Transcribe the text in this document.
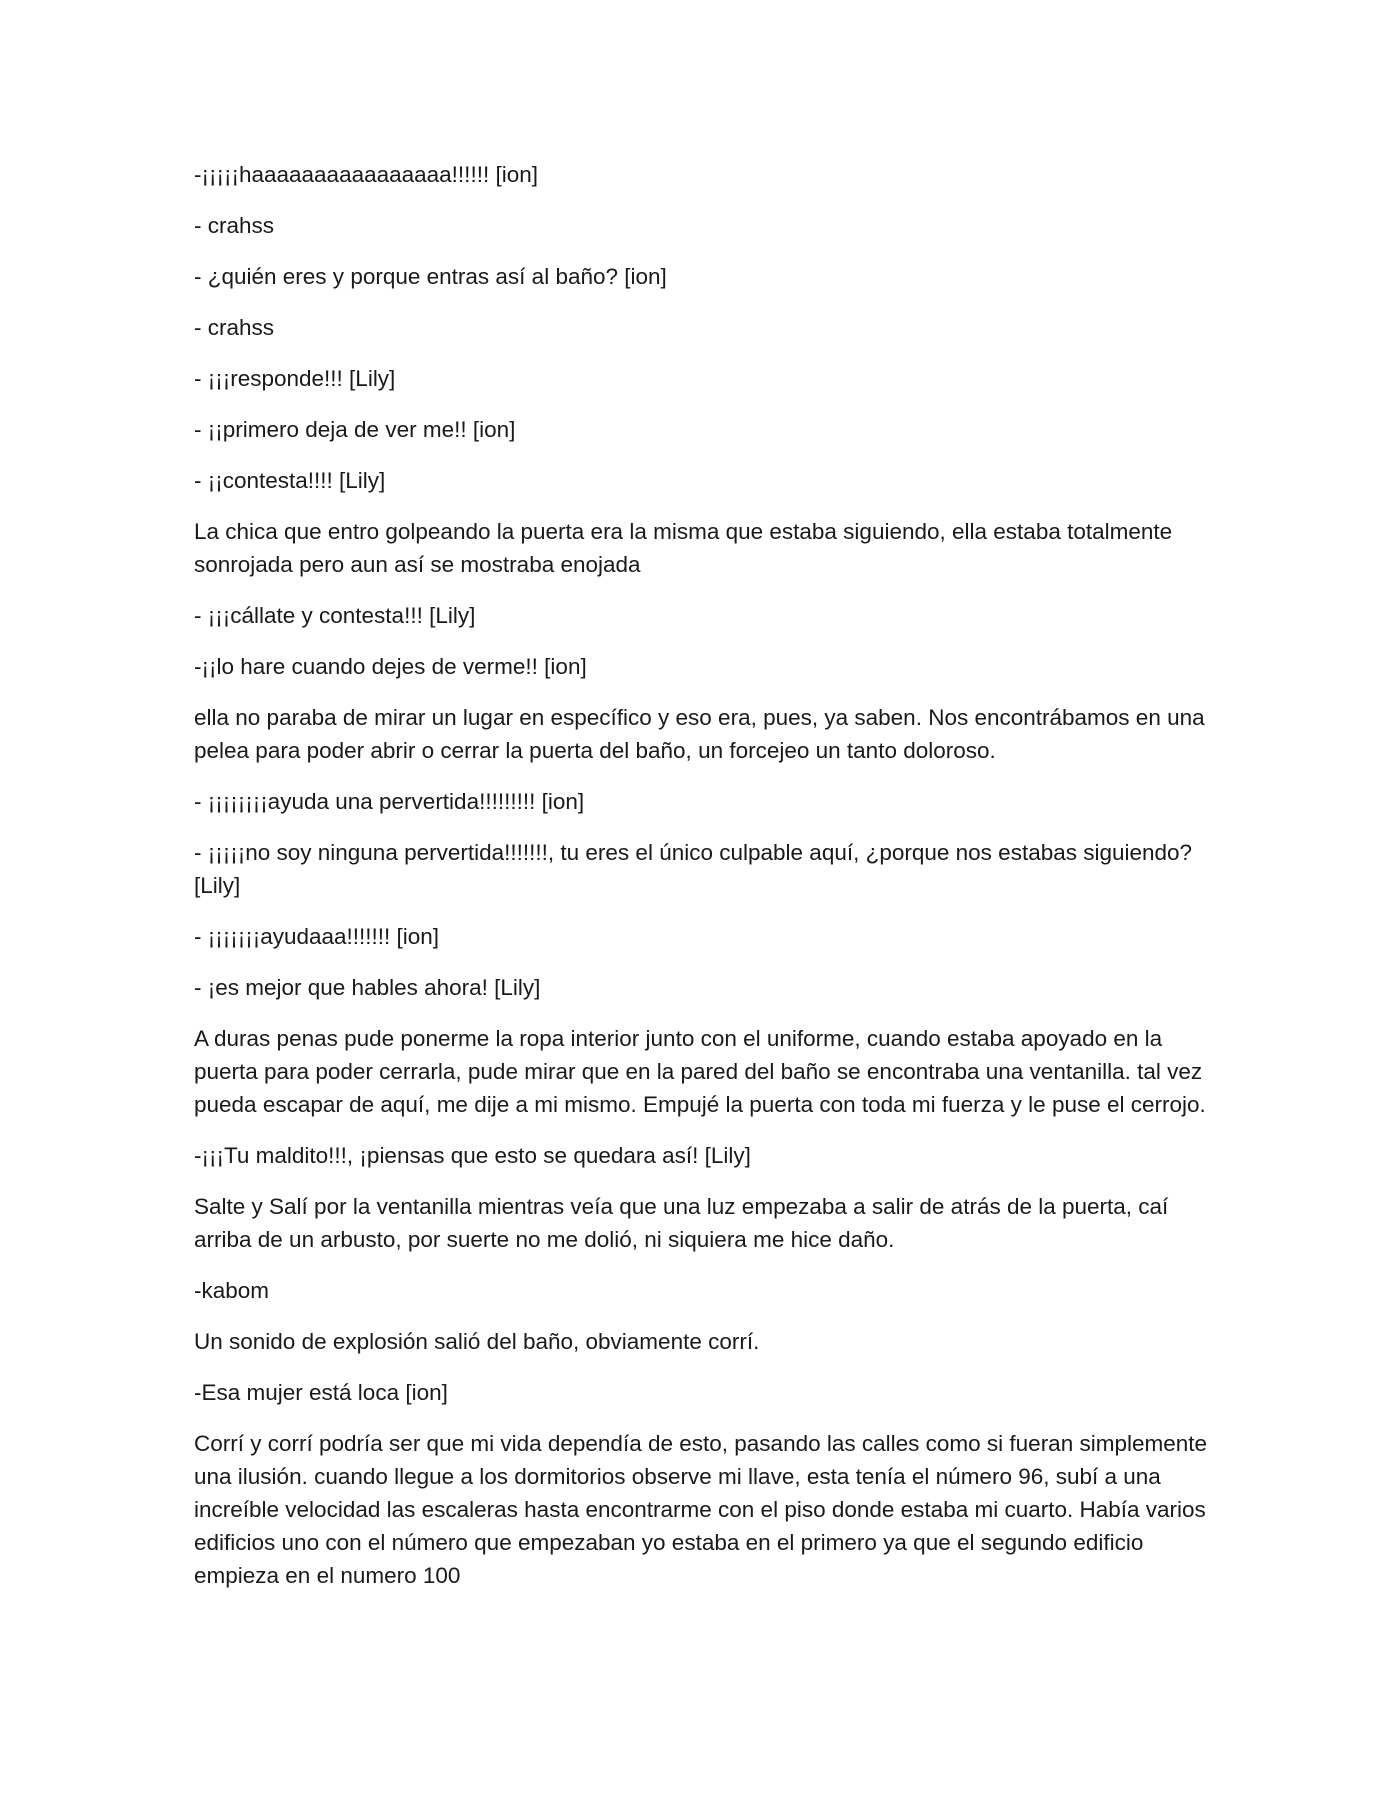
-¡¡¡¡¡haaaaaaaaaaaaaaaa!!!!!! [ion]

- crahss

- ¿quién eres y porque entras así al baño? [ion]

- crahss

- ¡¡¡responde!!! [Lily]

- ¡¡primero deja de ver me!! [ion]

- ¡¡contesta!!!! [Lily]

La chica que entro golpeando la puerta era la misma que estaba siguiendo, ella estaba totalmente sonrojada pero aun así se mostraba enojada

- ¡¡¡cállate y contesta!!! [Lily]

-¡¡lo hare cuando dejes de verme!! [ion]

ella no paraba de mirar un lugar en específico y eso era, pues, ya saben. Nos encontrábamos en una pelea para poder abrir o cerrar la puerta del baño, un forcejeo un tanto doloroso.

- ¡¡¡¡¡¡¡¡ayuda una pervertida!!!!!!!!! [ion]

- ¡¡¡¡¡no soy ninguna pervertida!!!!!!!, tu eres el único culpable aquí, ¿porque nos estabas siguiendo? [Lily]

- ¡¡¡¡¡¡¡ayudaaa!!!!!!! [ion]

- ¡es mejor que hables ahora! [Lily]

A duras penas pude ponerme la ropa interior junto con el uniforme, cuando estaba apoyado en la puerta para poder cerrarla, pude mirar que en la pared del baño se encontraba una ventanilla. tal vez pueda escapar de aquí, me dije a mi mismo. Empujé la puerta con toda mi fuerza y le puse el cerrojo.

-¡¡¡Tu maldito!!!, ¡piensas que esto se quedara así! [Lily]

Salte y Salí por la ventanilla mientras veía que una luz empezaba a salir de atrás de la puerta, caí arriba de un arbusto, por suerte no me dolió, ni siquiera me hice daño.

-kabom

Un sonido de explosión salió del baño, obviamente corrí.

-Esa mujer está loca [ion]

Corrí y corrí podría ser que mi vida dependía de esto, pasando las calles como si fueran simplemente una ilusión. cuando llegue a los dormitorios observe mi llave, esta tenía el número 96, subí a una increíble velocidad las escaleras hasta encontrarme con el piso donde estaba mi cuarto. Había varios edificios uno con el número que empezaban yo estaba en el primero ya que el segundo edificio empieza en el numero 100
